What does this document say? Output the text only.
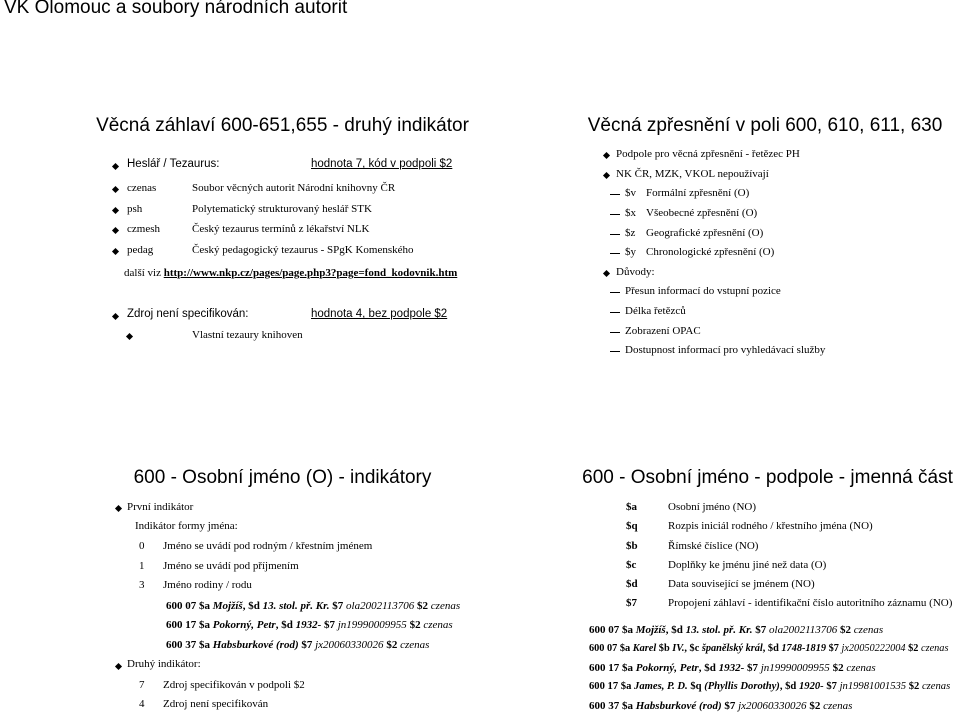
VK Olomouc a soubory národních autorit
Věcná záhlaví 600-651,655 - druhý indikátor
Heslář / Tezaurus:	hodnota 7, kód v podpoli $2
czenas	Soubor věcných autorit Národní knihovny ČR
psh	Polytematický strukturovaný heslář STK
czmesh	Český tezaurus termínů z lékařství NLK
pedag	Český pedagogický tezaurus - SPgK Komenského
další viz http://www.nkp.cz/pages/page.php3?page=fond_kodovnik.htm
Zdroj není specifikován:	hodnota 4, bez podpole $2
Vlastní tezaury knihoven
Věcná zpřesnění v poli 600, 610, 611, 630
Podpole pro věcná zpřesnění - řetězec PH
NK ČR, MZK, VKOL nepoužívají
$v Formální zpřesnění (O)
$x Všeobecné zpřesnění (O)
$z Geografické zpřesnění (O)
$y Chronologické zpřesnění (O)
Důvody:
Přesun informací do vstupní pozice
Délka řetězců
Zobrazení OPAC
Dostupnost informací pro vyhledávací služby
600 - Osobní jméno (O) - indikátory
První indikátor
Indikátor formy jména:
0 Jméno se uvádí pod rodným / křestním jménem
1 Jméno se uvádí pod příjmením
3 Jméno rodiny / rodu
600 07 $a Mojžíš, $d 13. stol. př. Kr. $7 ola2002113706 $2 czenas
600 17 $a Pokorný, Petr, $d 1932- $7 jn19990009955 $2 czenas
600 37 $a Habsburkové (rod) $7 jx20060330026 $2 czenas
Druhý indikátor:
7 Zdroj specifikován v podpoli $2
4 Zdroj není specifikován
600 - Osobní jméno - podpole - jmenná část
$a	Osobní jméno (NO)
$q	Rozpis iniciál rodného / křestního jména (NO)
$b	Římské číslice (NO)
$c	Doplňky ke jménu jiné než data (O)
$d	Data související se jménem (NO)
$7	Propojení záhlaví - identifikační číslo autoritního záznamu (NO)
600 07 $a Mojžíš, $d 13. stol. př. Kr. $7 ola2002113706 $2 czenas
600 07 $a Karel $b IV., $c španělský král, $d 1748-1819 $7 jx20050222004 $2 czenas
600 17 $a Pokorný, Petr, $d 1932- $7 jn19990009955 $2 czenas
600 17 $a James, P. D. $q (Phyllis Dorothy), $d 1920- $7 jn19981001535 $2 czenas
600 37 $a Habsburkové (rod) $7 jx20060330026 $2 czenas
